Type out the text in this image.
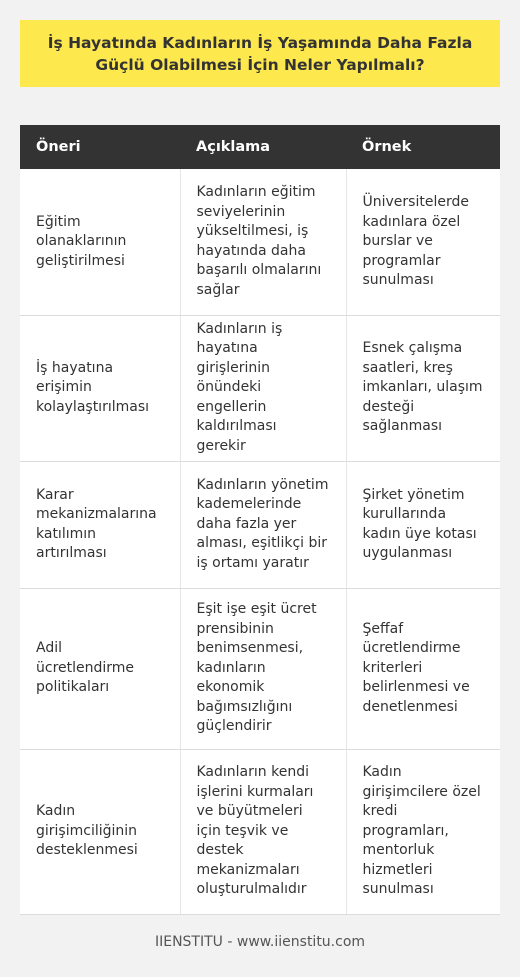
İş Hayatında Kadınların İş Yaşamında Daha Fazla Güçlü Olabilmesi İçin Neler Yapılmalı?
Öneri	Açıklama	Örnek
Eğitim olanaklarının geliştirilmesi	Kadınların eğitim seviyelerinin yükseltilmesi, iş hayatında daha başarılı olmalarını sağlar	Üniversitelerde kadınlara özel burslar ve programlar sunulması
İş hayatına erişimin kolaylaştırılması	Kadınların iş hayatına girişlerinin önündeki engellerin kaldırılması gerekir	Esnek çalışma saatleri, kreş imkanları, ulaşım desteği sağlanması
Karar mekanizmalarına katılımın artırılması	Kadınların yönetim kademelerinde daha fazla yer alması, eşitlikçi bir iş ortamı yaratır	Şirket yönetim kurullarında kadın üye kotası uygulanması
Adil ücretlendirme politikaları	Eşit işe eşit ücret prensibinin benimsenmesi, kadınların ekonomik bağımsızlığını güçlendirir	Şeffaf ücretlendirme kriterleri belirlenmesi ve denetlenmesi
Kadın girişimciliğinin desteklenmesi	Kadınların kendi işlerini kurmaları ve büyütmeleri için teşvik ve destek mekanizmaları oluşturulmalıdır	Kadın girişimcilere özel kredi programları, mentorluk hizmetleri sunulması
IIENSTITU - www.iienstitu.com
